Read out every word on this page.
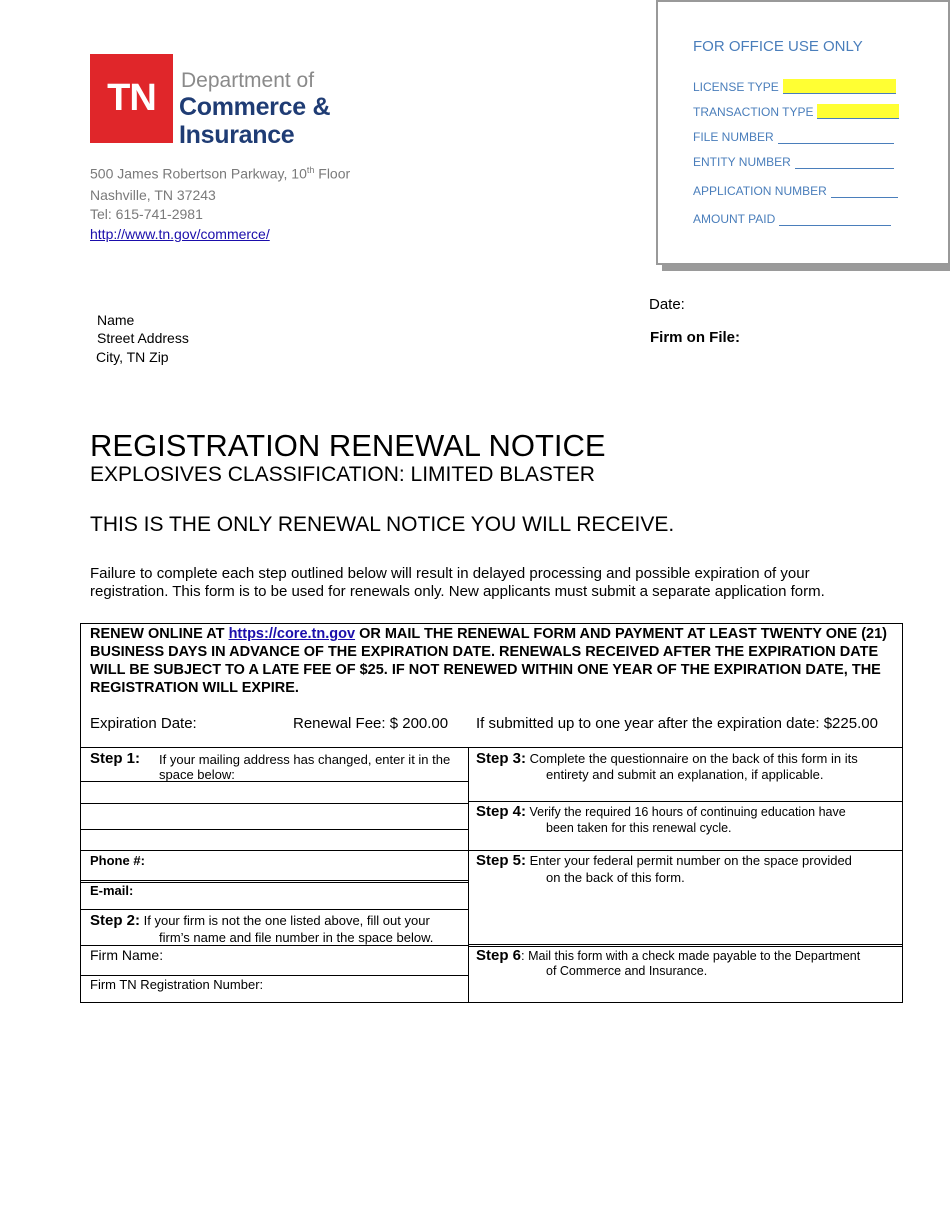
TN	Department of
Commerce &
Insurance
500 James Robertson Parkway, 10th Floor
Nashville, TN 37243
Tel: 615-741-2981
http://www.tn.gov/commerce/
FOR OFFICE USE ONLY
LICENSE TYPE
TRANSACTION TYPE
FILE NUMBER
ENTITY NUMBER
APPLICATION NUMBER
AMOUNT PAID
Name
Street Address
City, TN Zip
Date:
Firm on File:
REGISTRATION RENEWAL NOTICE
EXPLOSIVES CLASSIFICATION: LIMITED BLASTER
THIS IS THE ONLY RENEWAL NOTICE YOU WILL RECEIVE.
Failure to complete each step outlined below will result in delayed processing and possible expiration of your
registration. This form is to be used for renewals only. New applicants must submit a separate application form.
RENEW ONLINE AT https://core.tn.gov OR MAIL THE RENEWAL FORM AND PAYMENT AT LEAST TWENTY ONE (21) BUSINESS DAYS IN ADVANCE OF THE EXPIRATION DATE. RENEWALS RECEIVED AFTER THE EXPIRATION DATE WILL BE SUBJECT TO A LATE FEE OF $25. IF NOT RENEWED WITHIN ONE YEAR OF THE EXPIRATION DATE, THE REGISTRATION WILL EXPIRE.
Expiration Date:	Renewal Fee: $ 200.00 If submitted up to one year after the expiration date: $225.00
Step 1: If your mailing address has changed, enter it in the
space below:
Phone #:
E-mail:
Step 2: If your firm is not the one listed above, fill out your
firm’s name and file number in the space below.
Firm Name:
Firm TN Registration Number:
Step 3: Complete the questionnaire on the back of this form in its
entirety and submit an explanation, if applicable.
Step 4: Verify the required 16 hours of continuing education have
been taken for this renewal cycle.
Step 5: Enter your federal permit number on the space provided
on the back of this form.
Step 6: Mail this form with a check made payable to the Department
of Commerce and Insurance.
